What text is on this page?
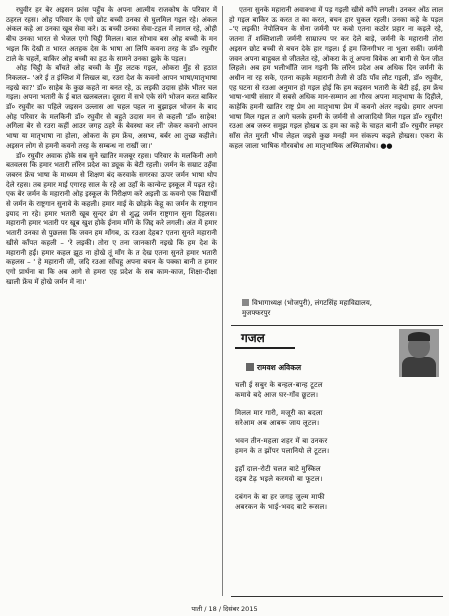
रघुवीर हर बेर अइसन फ्रांस पहुँच के अपना आत्मीय राजकोष के परिवार में ठहरल रहस। ओह परिवार के एगो छोट बच्ची उनका से घुलमिल गइल रहे। अंकल अंकल कहे आ उनका खूब सेवा करे। ऊ बच्ची उनका सेवा-टहल में लागल रहे, ओही बीच उनका भारत से भेजल एगो चिट्ठी मिलल। बाल सोभाव बस ओह बच्ची के मन भइल कि देखी त भारत अतहक देस के भाषा आ लिपि कवना तरह के डॉ० रघुवीर टाले के चहलें, बाकिर ओह बच्ची का हठ के सामने उनका झुके के पड़ल।

ओह चिट्ठी के बाँचते ओह बच्ची के मुँह लटक गइल, ओकरा मुँह से हठात निकलल– 'अरे ई त इंग्लिश में लिखल बा, रउरा देश के कवनो आपन भाषा/मातृभाषा नइखे का?' डॉ० साहेब के कुछ कहते ना बनत रहे, ऊ लइकी उदास होके भीतर चल गइल। अपना भतारी के ई बात खलबलल। दूसरा में सभे एके संगे भोजन करत बाकिर डॉ० रघुवीर का पहिले जइसन उल्लास आ चहल पहल ना बुझाइल भोजन के बाद ओह परिवार के मलकिनी डॉ० रघुवीर से बहुते उदास मन से कहली 'डॉ० साहेब! अगिला बेर से रउरा कहीं आउर जगह ठहरे के बेवस्था कर लीं' जेकर कवनो आपन भाषा या मातृभाषा ना होला, ओकरा के हम फ्रेंच, असभ्य, बर्बर आ तुच्छ कहीले। अइसन लोग से हमनी कवनो तरह के सम्बन्ध ना राखीं जा।'

डॉ० रघुवीर अवाक होके सब सुने खातिर मजबूर रहस। परिवार के मलकिनी आगे बतवलस कि हमार भतारी लॉरेन प्रदेश का ड्यूक के बेटी रहली। जर्मन के सम्राट उहँवा जबरन फ्रेंच भाषा के माध्यम से शिक्षण बंद करवाके सगरका ऊपर जर्मन भाषा थोप देले रहस। तब हमार माई एगारह साल के रहे आ उहाँ के कान्वेन्ट इस्कूल में पढ़त रहे। एक बेर जर्मन के महारानी ओह इस्कूल के निरीक्षण करे अइली ऊ कवनो एक विद्यार्थी से जर्मन के राष्ट्रगान सुनावे के कहली। हमार माई के छोड़के केहू का जर्मन के राष्ट्रगान इयाद ना रहे। हमार भतारी खूब सुन्दर ढंग से शुद्ध जर्मन राष्ट्रगान सुना दिहलस। महारानी हमार भतारी पर खूब खुश होके ईनाम माँगे के जिद्द करे लगली। अंत में हमार भतारी उनका से पुछलस कि जवन हम माँगब, ऊ रउआ देहब? एतना सुनते महारानी खीसे काँपत कहली – 'रे लइकी। तोरा ए तना जानकारी नइखे कि हम देश के महारानी हईं। हमार कहल झूठ ना होखे तूं माँग के त देख एतना सुनते हमार भतारी कहलस – ' हे महारानी जी, जदि रउआ साँचहू अपना बचन के पक्का बानी त हमार एगो प्रार्थना बा कि अब आगे से हमरा एह प्रदेश के सब काम-काज, शिक्षा-दीक्षा खाली फ्रेंच में होखे जर्मन में ना।'

एतना सुनके महारानी अवाक्भा में पड़ गइली खीसे काँपे लगली। उनकर ओंठ लाल हो गइल बाकिर ऊ करत त का करत, बचन हार चुकल रहली। उनका कहे के पड़ल –'ए लइकी! नेपोलियन के सेना जर्मनी पर कबो एतना कठोर प्रहार ना कइले रहे, जतना तें शक्तिशाली जर्मनी साम्राज्य पर कर देले बाड़े, जर्मनी के महारानी तोरा अइसन छोट बच्ची से बचन देके हार गइल। ई हम जिनगीभर ना भुला सकीं। जर्मनी जवन अपना बाहुबल से जीतलेत रहे, ओकरा के तूं अपना विवेक आ बानी से फेन जीत लिहले। अब हम भलीभाँति जान गइनी कि लॉरेन प्रदेश अब अधिक दिन जर्मनी के अधीन ना रह सके, एतना कहके महारानी तेजी से उठि पाँव लौट गइली, डॉ० रघुवीर, एह घटना से रउआ अनुमान हो गइल होई कि हम कइसन भतारी के बेटी हईं, हम फ्रेंच भाषा-भाषी संसार में सबसे अधिक मान-सम्मान आ गौरव अपना मातृभाषा के दिहीले, काहेकि हमनी खातिर राष्ट्र प्रेम आ मातृभाषा प्रेम में कवनो अंतर नइखे। हमार अपना भाषा मिल गइल त आगे चलके हमनी के जर्मनी से आजादियो मिल गइल डॉ० रघुवीर! रउआ अब जरूर समुझ गइल होखब ऊ हम का कहे के चाहत बानी डॉ० रघुवीर लम्हर साँस लेत मुरती भीच लेहल जइसे कुछ मनही मन संकल्प कइले होखस। एकरा के कहल जाला भाषिक गौरवबोध आ मातृभाषिक अस्मिताबोध। ●●

विभागाध्यक्ष (भोजपुरी), लंगटसिंह महाविद्यालय,
मुजफ्फरपुर
गजल
रामवश अविकल
चली ई सबुर के बन्हल-बान्ह टूटल
कमावे बदे आज घर-गाँव छूटल।
मिलल मार गारी, मजूरी का बदला
सरेआम अब आबरू जाय लूटल।
भवन तीन-महला शहर में बा उनकर
हमन के त झोंपर पलानियो ले टूटल।
इहाँ दाल-रोटी चलत बाटे मुस्किल
दइब टेढ़ भइले करमवो बा फूटल।
दबंगन के बा हर जगह जुल्म माफी
अबरकन के भाई-भवद बाटे रूसल।
पाती / 18 / दिसंबर 2015
